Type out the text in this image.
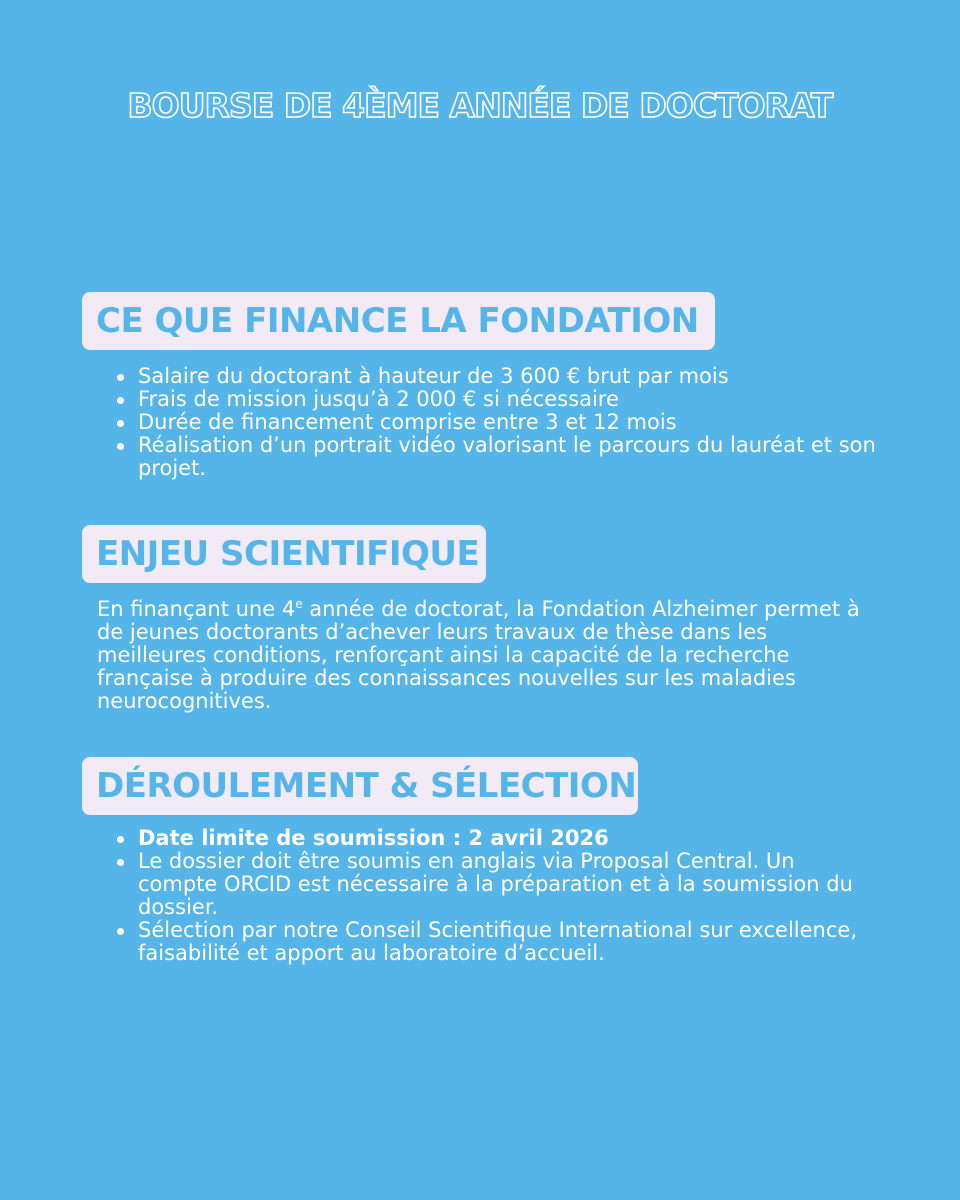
BOURSE DE 4ÈME ANNÉE DE DOCTORAT
CE QUE FINANCE LA FONDATION
Salaire du doctorant à hauteur de 3 600 € brut par mois
Frais de mission jusqu’à 2 000 € si nécessaire
Durée de financement comprise entre 3 et 12 mois
Réalisation d’un portrait vidéo valorisant le parcours du lauréat et son projet.
ENJEU SCIENTIFIQUE

En finançant une 4e année de doctorat, la Fondation Alzheimer permet à de jeunes doctorants d’achever leurs travaux de thèse dans les meilleures conditions, renforçant ainsi la capacité de la recherche française à produire des connaissances nouvelles sur les maladies neurocognitives.

DÉROULEMENT & SÉLECTION
Date limite de soumission : 2 avril 2026
Le dossier doit être soumis en anglais via Proposal Central. Un compte ORCID est nécessaire à la préparation et à la soumission du dossier.
Sélection par notre Conseil Scientifique International sur excellence, faisabilité et apport au laboratoire d’accueil.
